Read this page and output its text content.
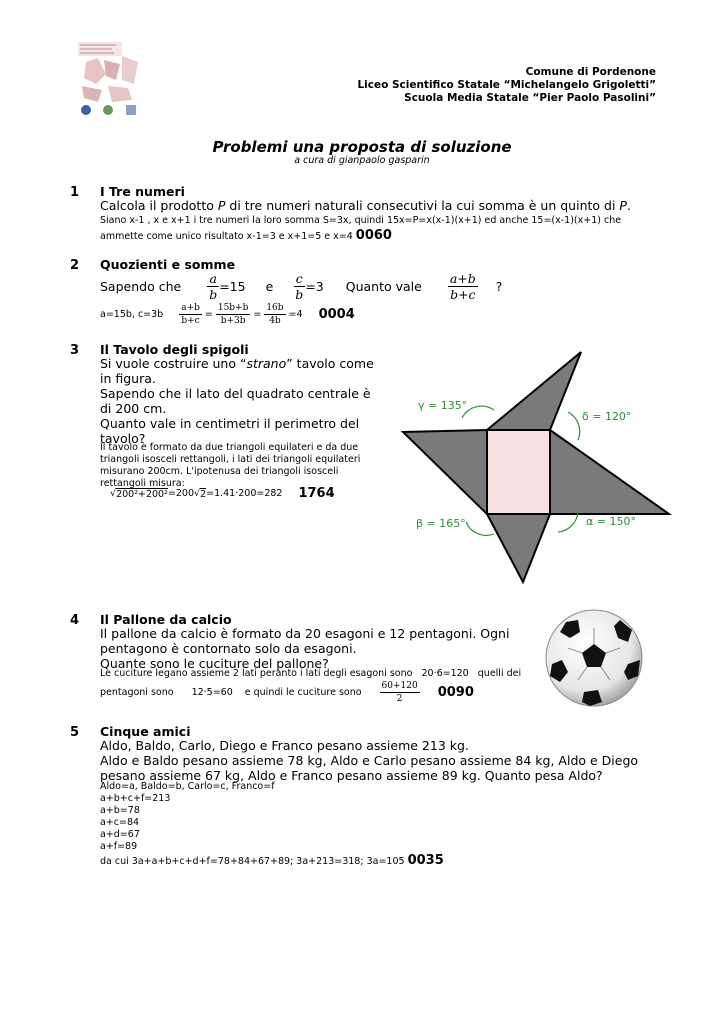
Comune di Pordenone
Liceo Scientifico Statale “Michelangelo Grigoletti”
Scuola Media Statale “Pier Paolo Pasolini”
Problemi una proposta di soluzione
a cura di gianpaolo gasparin
1 I Tre numeri
Calcola il prodotto P di tre numeri naturali consecutivi la cui somma è un quinto di P.
Siano x-1 , x e x+1 i tre numeri la loro somma S=3x, quindi 15x=P=x(x-1)(x+1) ed anche 15=(x-1)(x+1) che ammette come unico risultato x-1=3 e x+1=5 e x=4 0060
2 Quozienti e somme
Sapendo che $\frac{a}{b} =15$ e $\frac{c}{b} =3$ Quanto vale $\frac{a+b}{b+c}$ ?
a=15b, $c=3b \frac{a+b}{b+c} = \frac{15b+b}{b+3b} = \frac{16b}{4b} =4$ 0004
3 Il Tavolo degli spigoli
Si vuole costruire uno “strano” tavolo come
in figura.
Sapendo che il lato del quadrato centrale è
di 200 cm.
Quanto vale in centimetri il perimetro del
tavolo?
Il tavolo è formato da due triangoli equilateri e da due
triangoli isosceli rettangoli, i lati dei triangoli equilateri
misurano 200cm. L'ipotenusa dei triangoli isosceli
rettangoli misura:
√ 200²+200² =200 √ 2 =1.41·200=282 1764
γ = 135°
δ = 120°
β = 165°	α = 150°
4 Il Pallone da calcio
Il pallone da calcio è formato da 20 esagoni e 12 pentagoni. Ogni
pentagono è contornato solo da esagoni.
Quante sono le cuciture del pallone?
Le cuciture legano assieme 2 lati peranto i lati degli esagoni sono 20·6=120 quelli dei
pentagoni sono 12·5=60 e quindi le cuciture sono $\frac{60+120}{2} 0090$
5 Cinque amici
Aldo, Baldo, Carlo, Diego e Franco pesano assieme 213 kg.
Aldo e Baldo pesano assieme 78 kg, Aldo e Carlo pesano assieme 84 kg, Aldo e Diego
pesano assieme 67 kg, Aldo e Franco pesano assieme 89 kg. Quanto pesa Aldo?
Aldo=a, Baldo=b, Carlo=c, Franco=f
a+b+c+f=213
a+b=78
a+c=84
a+d=67
a+f=89
da cui 3a+a+b+c+d+f=78+84+67+89; 3a+213=318; 3a=105 0035
